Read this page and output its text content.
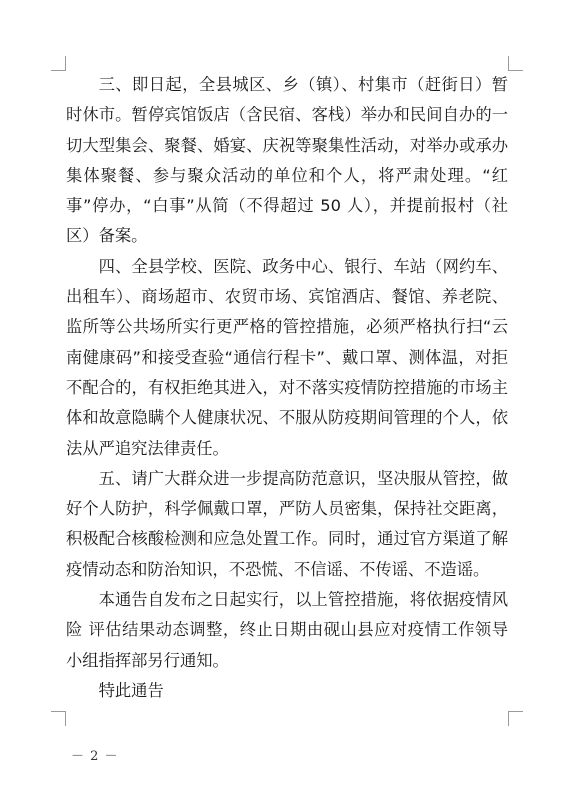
三、即日起，全县城区、乡（镇）、村集市（赶街日）暂时休市。暂停宾馆饭店（含民宿、客栈）举办和民间自办的一切大型集会、聚餐、婚宴、庆祝等聚集性活动，对举办或承办集体聚餐、参与聚众活动的单位和个人，将严肃处理。“红事”停办，“白事”从简（不得超过 50 人），并提前报村（社区）备案。

四、全县学校、医院、政务中心、银行、车站（网约车、出租车）、商场超市、农贸市场、宾馆酒店、餐馆、养老院、监所等公共场所实行更严格的管控措施，必须严格执行扫“云南健康码”和接受查验“通信行程卡”、戴口罩、测体温，对拒不配合的，有权拒绝其进入，对不落实疫情防控措施的市场主体和故意隐瞒个人健康状况、不服从防疫期间管理的个人，依法从严追究法律责任。

五、请广大群众进一步提高防范意识，坚决服从管控，做好个人防护，科学佩戴口罩，严防人员密集，保持社交距离，积极配合核酸检测和应急处置工作。同时，通过官方渠道了解疫情动态和防治知识，不恐慌、不信谣、不传谣、不造谣。

本通告自发布之日起实行，以上管控措施，将依据疫情风险 评估结果动态调整，终止日期由砚山县应对疫情工作领导小组指挥部另行通知。

特此通告

－ 2 －
